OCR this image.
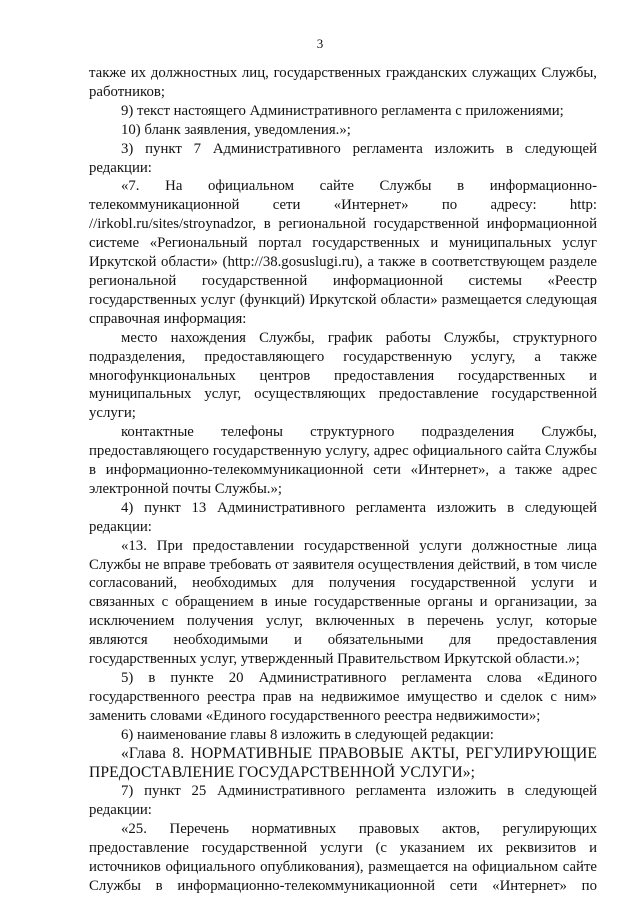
3

также их должностных лиц, государственных гражданских служащих Службы, работников;

9) текст настоящего Административного регламента с приложениями;

10) бланк заявления, уведомления.»;

3) пункт 7 Административного регламента изложить в следующей редакции:

«7. На официальном сайте Службы в информационно-телекоммуникационной сети «Интернет» по адресу: http: //irkobl.ru/sites/stroynadzor, в региональной государственной информационной системе «Региональный портал государственных и муниципальных услуг Иркутской области» (http://38.gosuslugi.ru), а также в соответствующем разделе региональной государственной информационной системы «Реестр государственных услуг (функций) Иркутской области» размещается следующая справочная информация:

место нахождения Службы, график работы Службы, структурного подразделения, предоставляющего государственную услугу, а также многофункциональных центров предоставления государственных и муниципальных услуг, осуществляющих предоставление государственной услуги;

контактные телефоны структурного подразделения Службы, предоставляющего государственную услугу, адрес официального сайта Службы в информационно-телекоммуникационной сети «Интернет», а также адрес электронной почты Службы.»;

4) пункт 13 Административного регламента изложить в следующей редакции:

«13. При предоставлении государственной услуги должностные лица Службы не вправе требовать от заявителя осуществления действий, в том числе согласований, необходимых для получения государственной услуги и связанных с обращением в иные государственные органы и организации, за исключением получения услуг, включенных в перечень услуг, которые являются необходимыми и обязательными для предоставления государственных услуг, утвержденный Правительством Иркутской области.»;

5) в пункте 20 Административного регламента слова «Единого государственного реестра прав на недвижимое имущество и сделок с ним» заменить словами «Единого государственного реестра недвижимости»;

6) наименование главы 8 изложить в следующей редакции:

«Глава 8. НОРМАТИВНЫЕ ПРАВОВЫЕ АКТЫ, РЕГУЛИРУЮЩИЕ ПРЕДОСТАВЛЕНИЕ ГОСУДАРСТВЕННОЙ УСЛУГИ»;

7) пункт 25 Административного регламента изложить в следующей редакции:

«25. Перечень нормативных правовых актов, регулирующих предоставление государственной услуги (с указанием их реквизитов и источников официального опубликования), размещается на официальном сайте Службы в информационно-телекоммуникационной сети «Интернет» по
